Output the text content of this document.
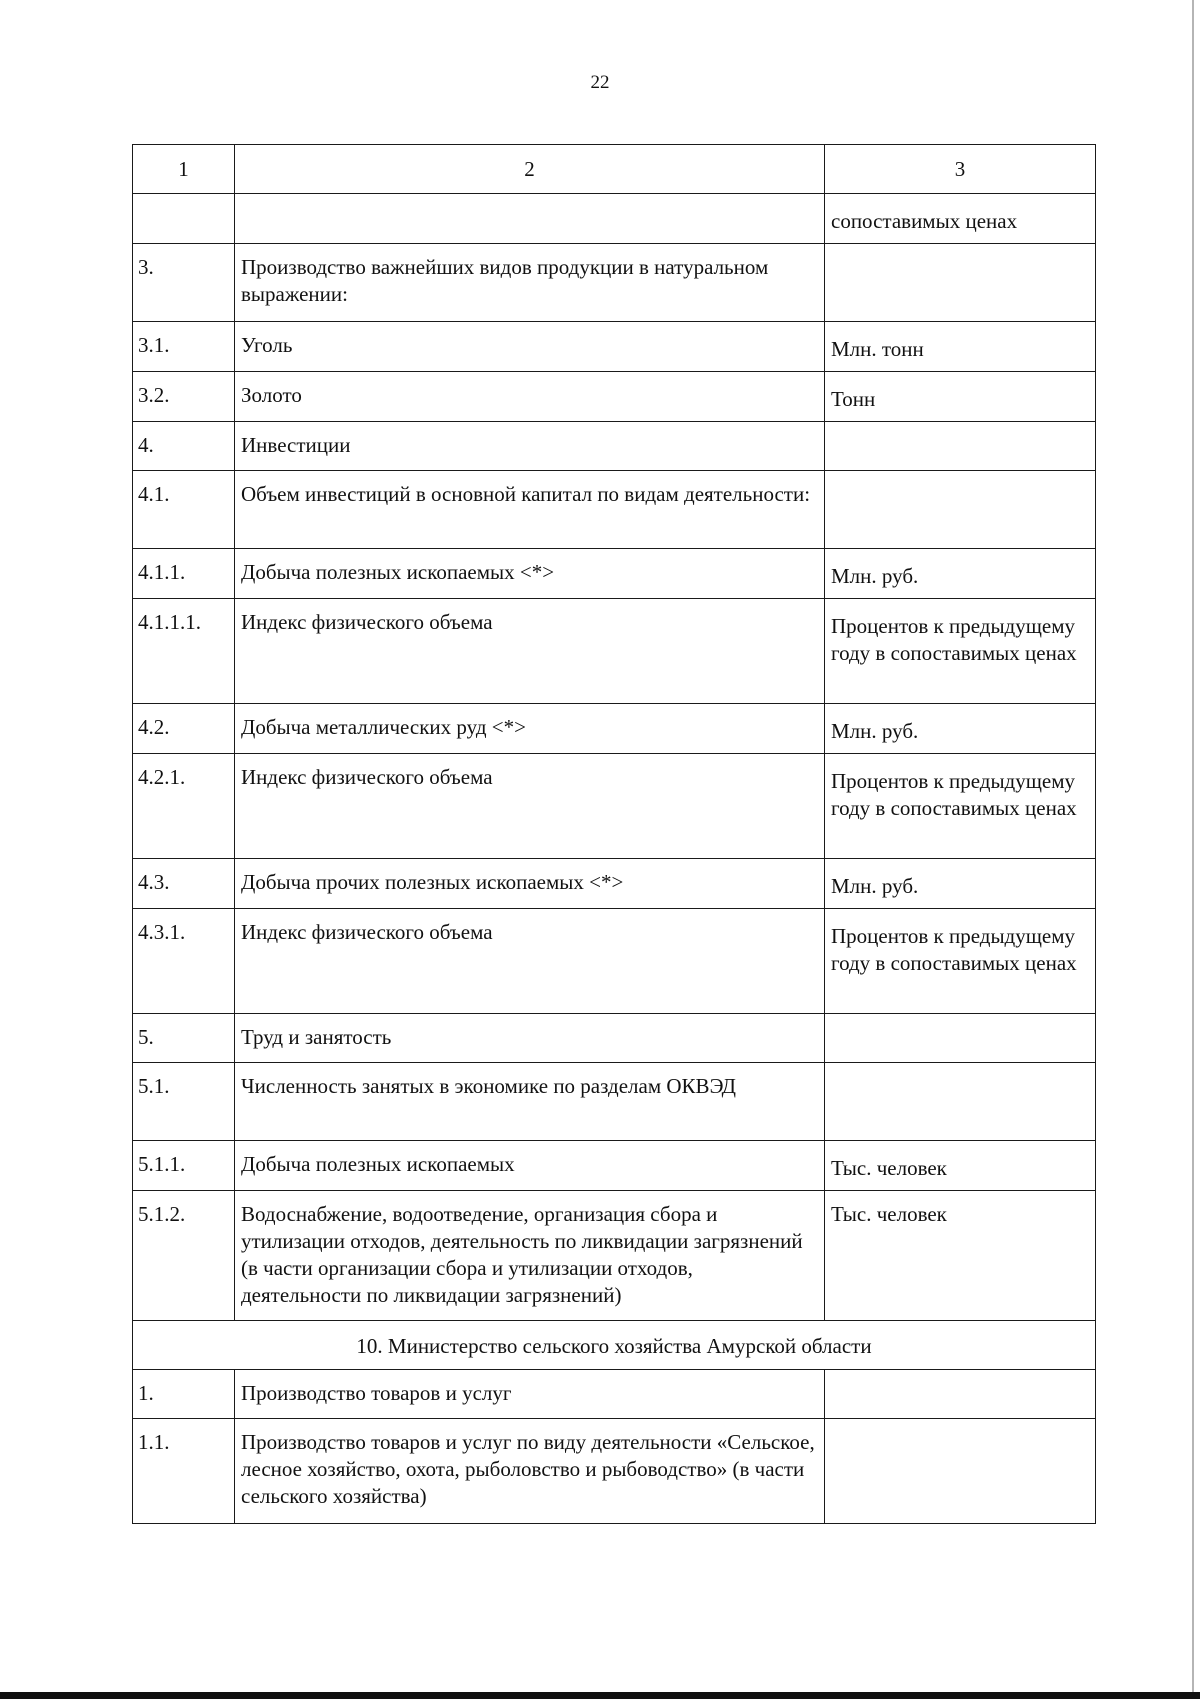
22
1	2	3
		сопоставимых ценах
3.	Производство важнейших видов продукции в натуральном выражении:	
3.1.	Уголь	Млн. тонн
3.2.	Золото	Тонн
4.	Инвестиции	
4.1.	Объем инвестиций в основной капитал по видам деятельности:	
4.1.1.	Добыча полезных ископаемых <*>	Млн. руб.
4.1.1.1.	Индекс физического объема	Процентов к предыдущему году в сопоставимых ценах
4.2.	Добыча металлических руд <*>	Млн. руб.
4.2.1.	Индекс физического объема	Процентов к предыдущему году в сопоставимых ценах
4.3.	Добыча прочих полезных ископаемых <*>	Млн. руб.
4.3.1.	Индекс физического объема	Процентов к предыдущему году в сопоставимых ценах
5.	Труд и занятость	
5.1.	Численность занятых в экономике по разделам ОКВЭД	
5.1.1.	Добыча полезных ископаемых	Тыс. человек
5.1.2.	Водоснабжение, водоотведение, организация сбора и утилизации отходов, деятельность по ликвидации загрязнений (в части организации сбора и утилизации отходов, деятельности по ликвидации загрязнений)	Тыс. человек
10. Министерство сельского хозяйства Амурской области		
1.	Производство товаров и услуг	
1.1.	Производство товаров и услуг по виду деятельности «Сельское, лесное хозяйство, охота, рыболовство и рыбоводство» (в части сельского хозяйства)	
